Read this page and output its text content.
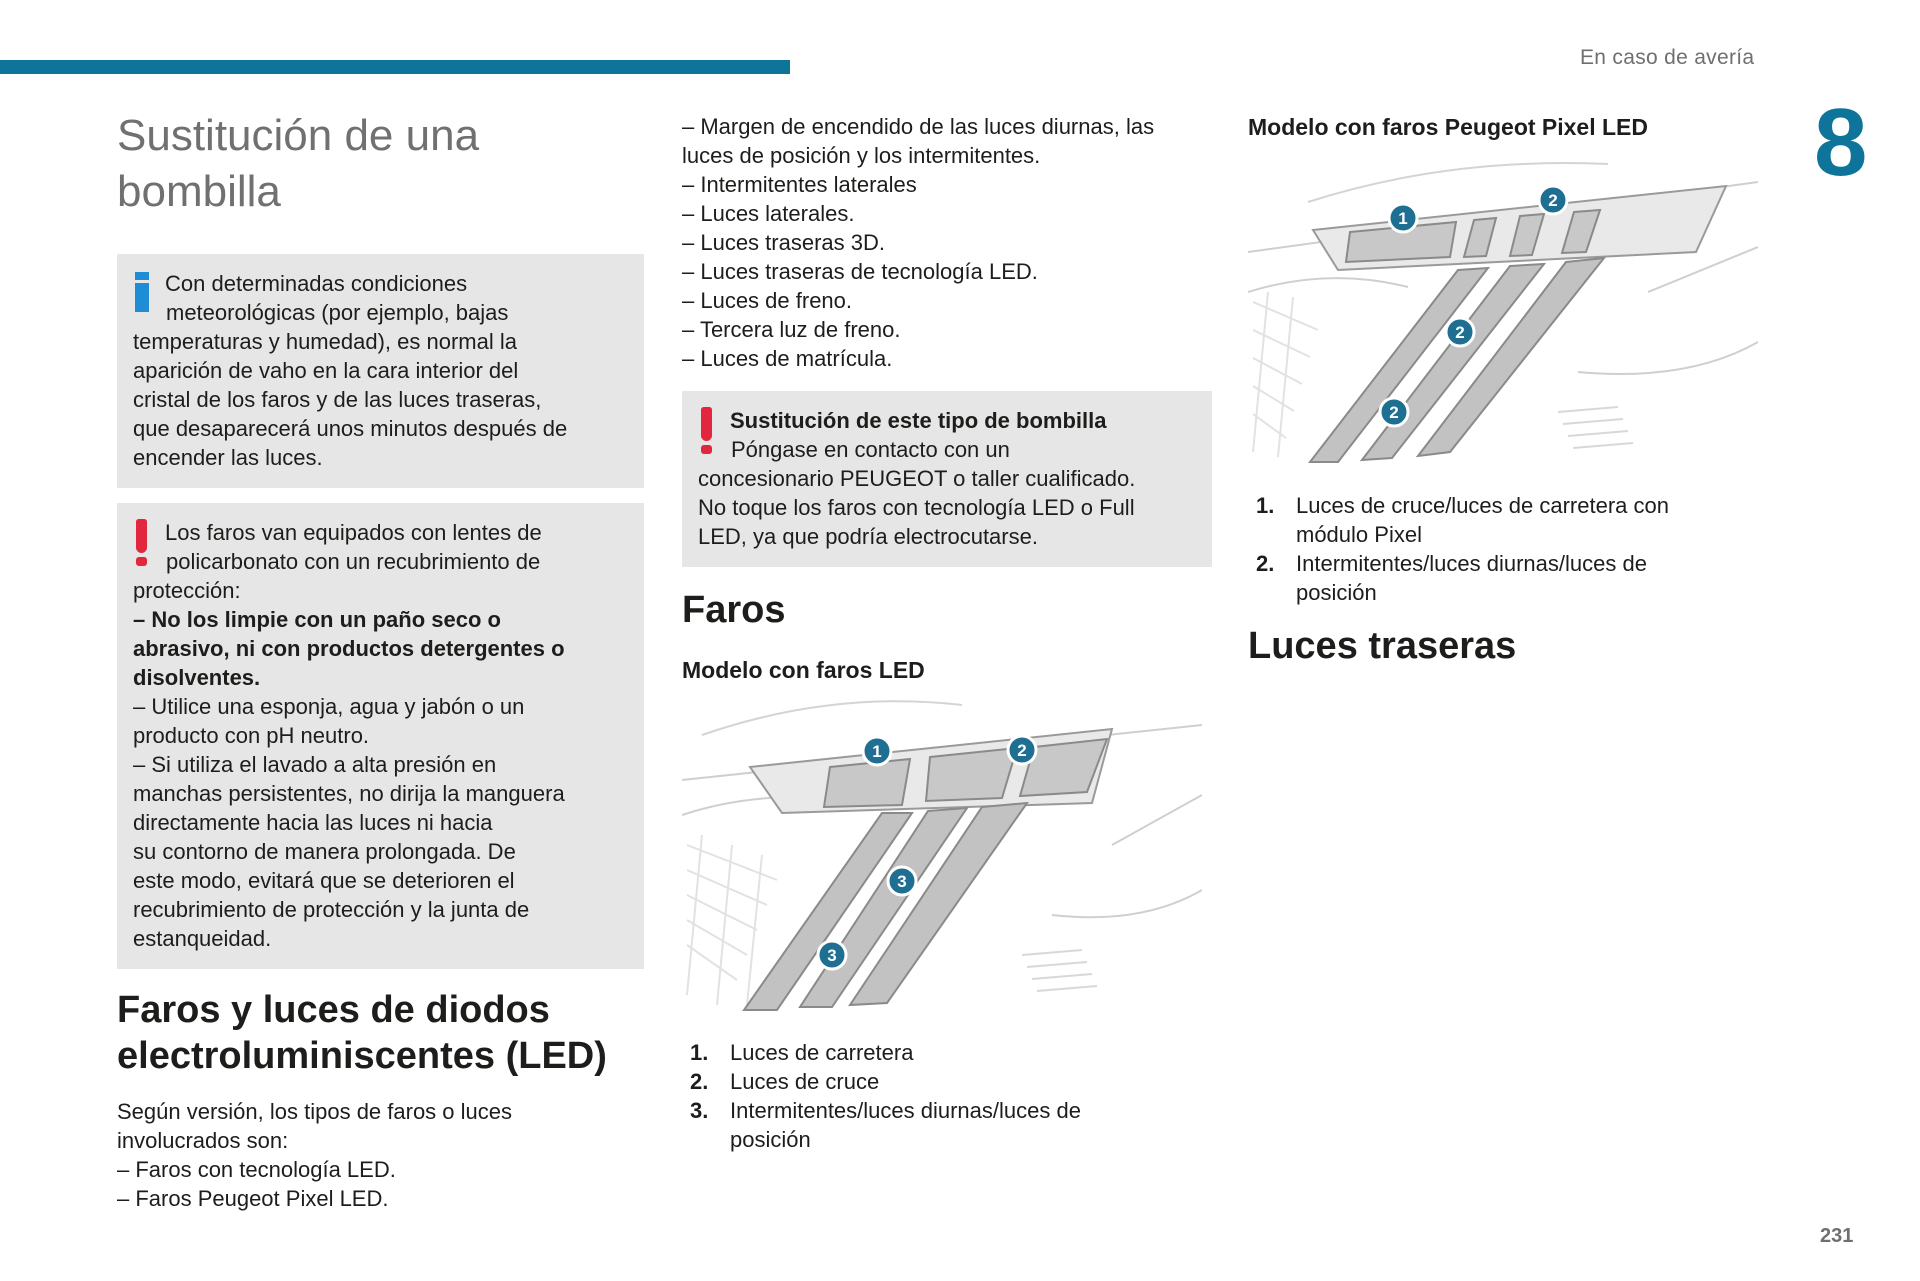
En caso de avería
8
231
Sustitución de una
bombilla
Con determinadas condiciones
meteorológicas (por ejemplo, bajas
temperaturas y humedad), es normal la
aparición de vaho en la cara interior del
cristal de los faros y de las luces traseras,
que desaparecerá unos minutos después de
encender las luces.
Los faros van equipados con lentes de
policarbonato con un recubrimiento de
protección:
– No los limpie con un paño seco o
abrasivo, ni con productos detergentes o
disolventes.
– Utilice una esponja, agua y jabón o un
producto con pH neutro.
– Si utiliza el lavado a alta presión en
manchas persistentes, no dirija la manguera
directamente hacia las luces ni hacia
su contorno de manera prolongada. De
este modo, evitará que se deterioren el
recubrimiento de protección y la junta de
estanqueidad.
Faros y luces de diodos
electroluminiscentes (LED)
Según versión, los tipos de faros o luces
involucrados son:
– Faros con tecnología LED.
– Faros Peugeot Pixel LED.
– Margen de encendido de las luces diurnas, las
luces de posición y los intermitentes.
– Intermitentes laterales
– Luces laterales.
– Luces traseras 3D.
– Luces traseras de tecnología LED.
– Luces de freno.
– Tercera luz de freno.
– Luces de matrícula.
Sustitución de este tipo de bombilla
Póngase en contacto con un
concesionario PEUGEOT o taller cualificado.
No toque los faros con tecnología LED o Full
LED, ya que podría electrocutarse.
Faros
Modelo con faros LED
1	2
3
3
1. Luces de carretera
2. Luces de cruce
3. Intermitentes/luces diurnas/luces de
posición
Modelo con faros Peugeot Pixel LED
1
2
2
2
1. Luces de cruce/luces de carretera con
módulo Pixel
2. Intermitentes/luces diurnas/luces de
posición
Luces traseras
